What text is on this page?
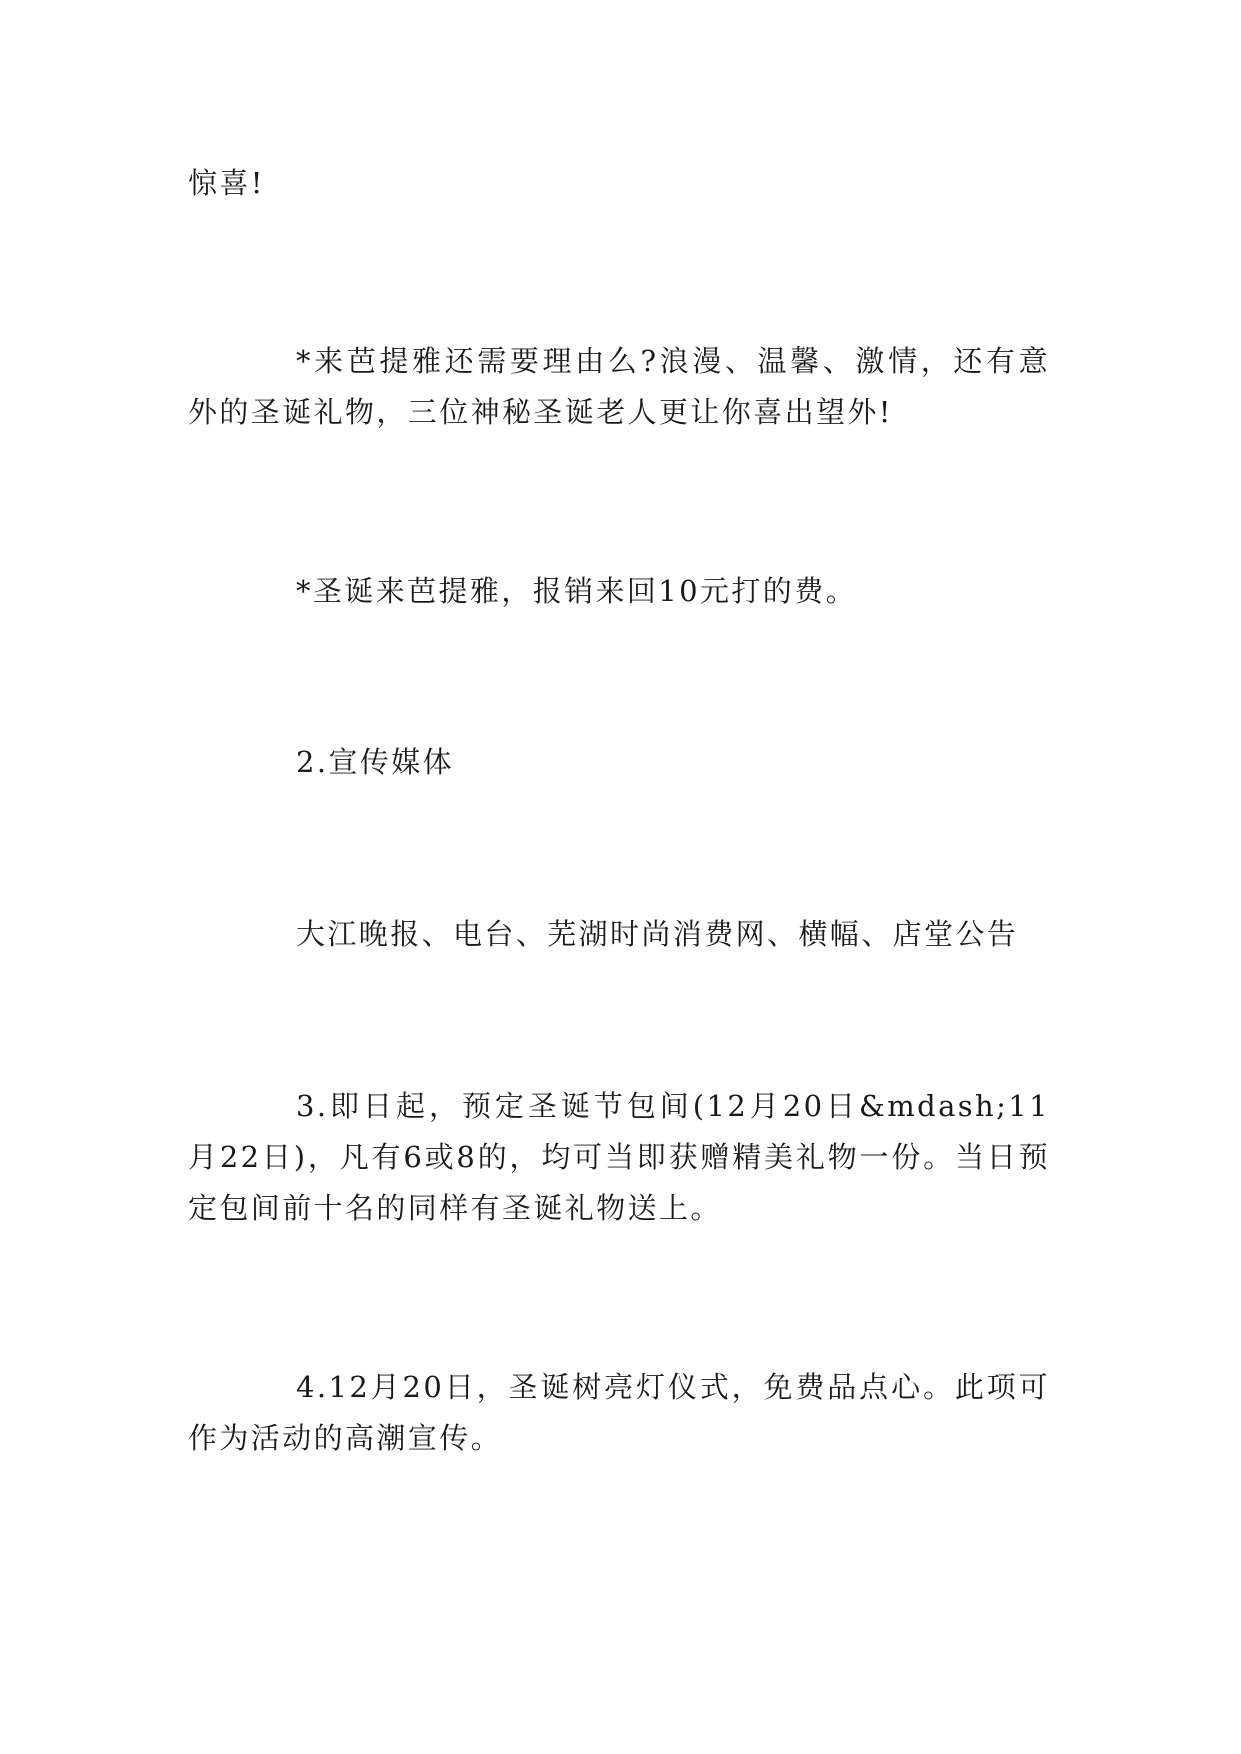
惊喜!

*来芭提雅还需要理由么?浪漫、温馨、激情，还有意外的圣诞礼物，三位神秘圣诞老人更让你喜出望外!

*圣诞来芭提雅，报销来回10元打的费。

2.宣传媒体

大江晚报、电台、芜湖时尚消费网、横幅、店堂公告

3.即日起，预定圣诞节包间(12月20日&mdash;11月22日)，凡有6或8的，均可当即获赠精美礼物一份。当日预定包间前十名的同样有圣诞礼物送上。

4.12月20日，圣诞树亮灯仪式，免费品点心。此项可作为活动的高潮宣传。
